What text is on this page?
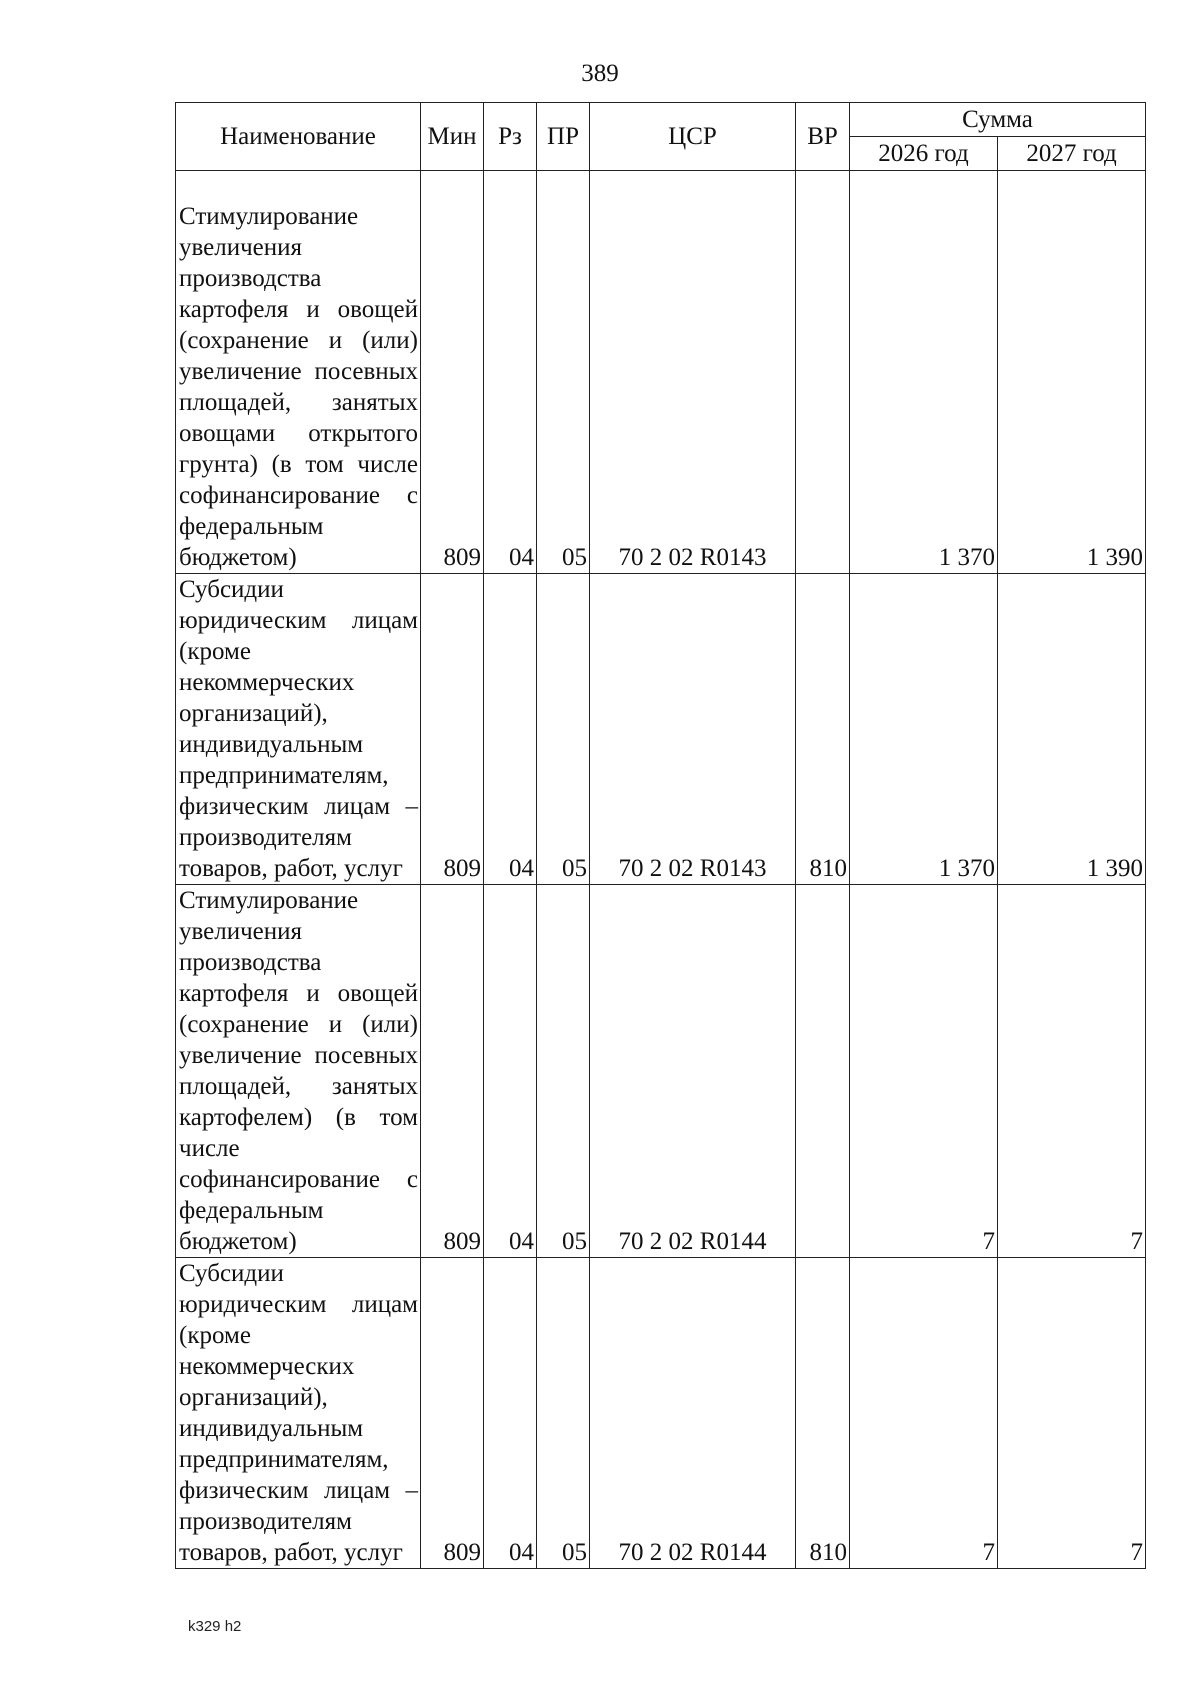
389
Наименование	Мин	Рз	ПР	ЦСР	ВР	Сумма	
						2026 год	2027 год
Стимулирование увеличения производства картофеля и овощей (сохранение и (или) увеличение посевных площадей, занятых овощами открытого грунта) (в том числе софинансирование с федеральным бюджетом)	809	04	05	70 2 02 R0143		1 370	1 390
Субсидии юридическим лицам (кроме некоммерческих организаций), индивидуальным предпринимателям, физическим лицам – производителям товаров, работ, услуг	809	04	05	70 2 02 R0143	810	1 370	1 390
Стимулирование увеличения производства картофеля и овощей (сохранение и (или) увеличение посевных площадей, занятых картофелем) (в том числе софинансирование с федеральным бюджетом)	809	04	05	70 2 02 R0144		7	7
Субсидии юридическим лицам (кроме некоммерческих организаций), индивидуальным предпринимателям, физическим лицам – производителям товаров, работ, услуг	809	04	05	70 2 02 R0144	810	7	7
k329 h2
